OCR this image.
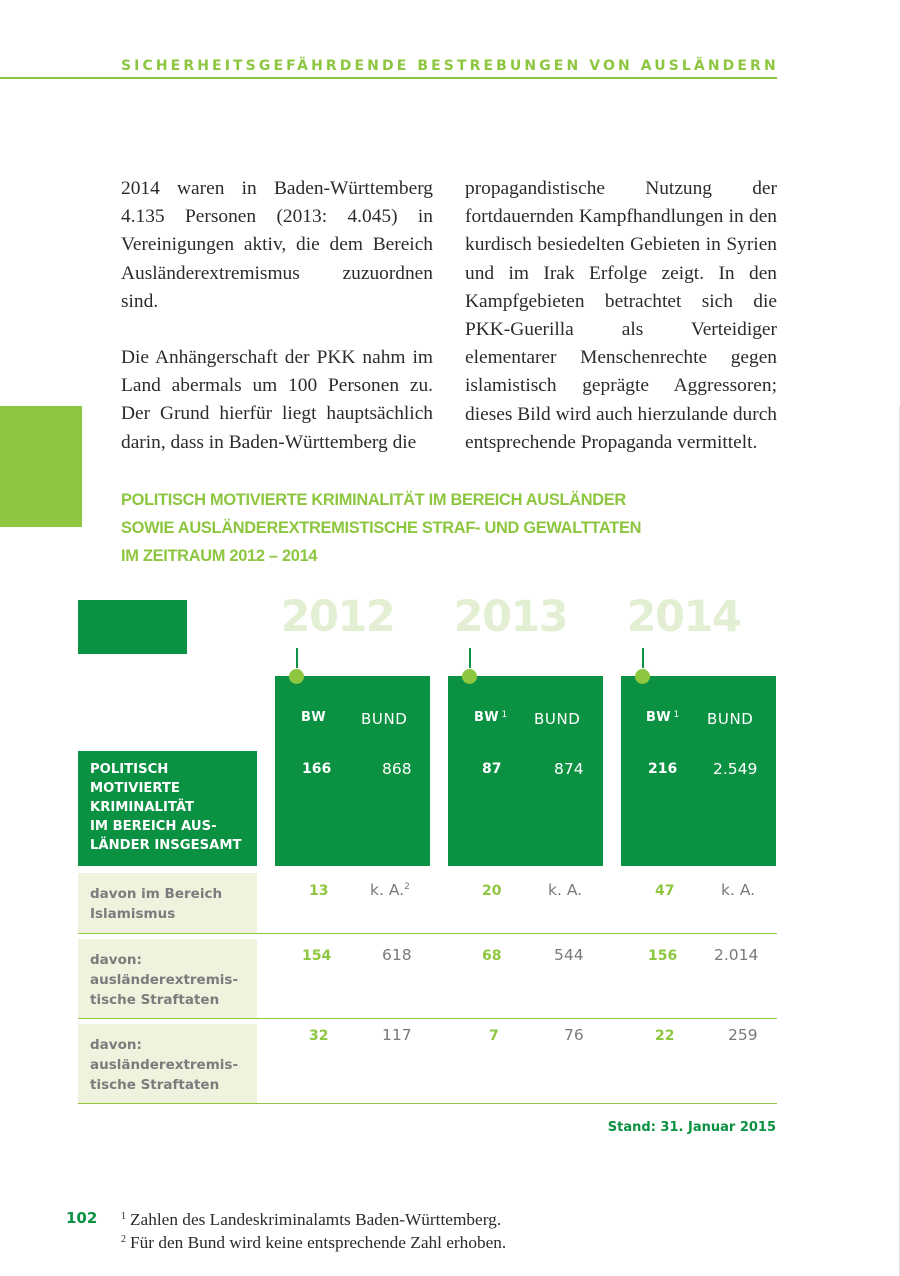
SICHERHEITSGEFÄHRDENDE BESTREBUNGEN VON AUSLÄNDERN

2014 waren in Baden-Württemberg 4.135 Personen (2013: 4.045) in Vereinigungen aktiv, die dem Bereich Ausländerextremismus zuzuordnen sind.

Die Anhängerschaft der PKK nahm im Land abermals um 100 Personen zu. Der Grund hierfür liegt hauptsächlich darin, dass in Baden-Württemberg die

propagandistische Nutzung der fortdauernden Kampfhandlungen in den kurdisch besiedelten Gebieten in Syrien und im Irak Erfolge zeigt. In den Kampfgebieten betrachtet sich die PKK-Guerilla als Verteidiger elementarer Menschenrechte gegen islamistisch geprägte Aggressoren; dieses Bild wird auch hierzulande durch entsprechende Propaganda vermittelt.

POLITISCH MOTIVIERTE KRIMINALITÄT IM BEREICH AUSLÄNDER
SOWIE AUSLÄNDEREXTREMISTISCHE STRAF- UND GEWALTTATEN
IM ZEITRAUM 2012 – 2014
2012	2013	2014
BW BUND	BW $^1$ BUND	BW $^1$ BUND
POLITISCH MOTIVIERTE
KRIMINALITÄT
IM BEREICH AUS-
LÄNDER INSGESAMT
166	868	87	874	216 2.549
davon im Bereich
Islamismus
13	k. A.$^2$	20	k. A.	47	k. A.
davon:
ausländerextremis-
tische Straftaten
154	618	68	544	156 2.014
davon:
ausländerextremis-
tische Straftaten
32	117	7	76	22	259
Stand: 31. Januar 2015
102 $^1$ Zahlen des Landeskriminalamts Baden-Württemberg.
$^2$ Für den Bund wird keine entsprechende Zahl erhoben.
